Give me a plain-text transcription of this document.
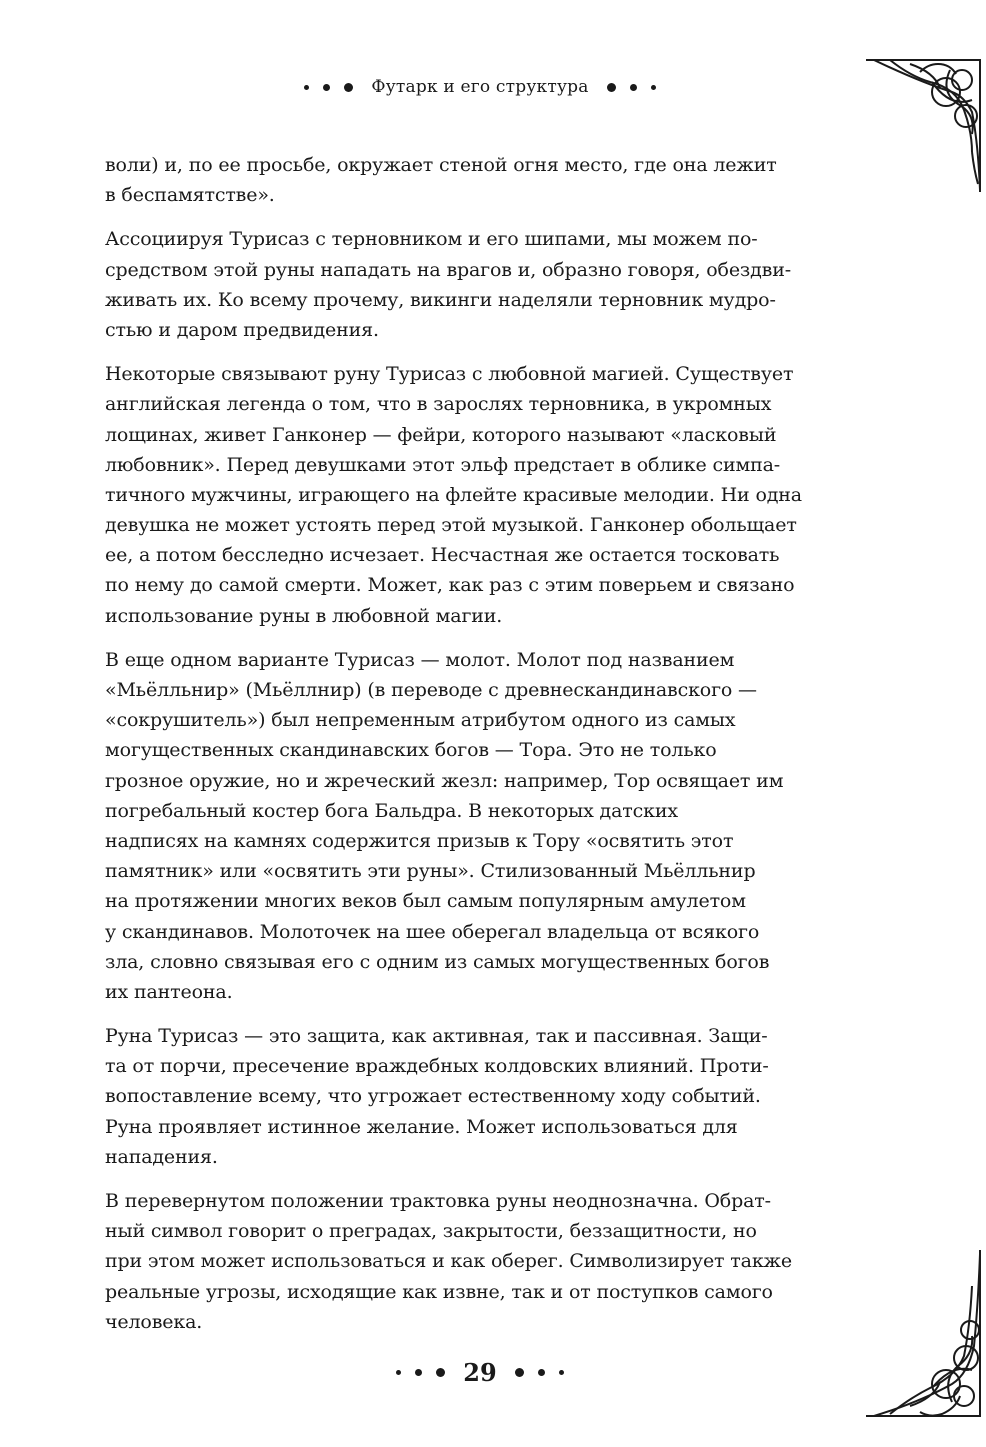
Футарк и его структура

воли) и, по ее просьбе, окружает стеной огня место, где она лежит
в беспамятстве».

Ассоциируя Турисаз с терновником и его шипами, мы можем по-
средством этой руны нападать на врагов и, образно говоря, обездви-
живать их. Ко всему прочему, викинги наделяли терновник мудро-
стью и даром предвидения.

Некоторые связывают руну Турисаз с любовной магией. Существует
английская легенда о том, что в зарослях терновника, в укромных
лощинах, живет Ганконер — фейри, которого называют «ласковый
любовник». Перед девушками этот эльф предстает в облике симпа-
тичного мужчины, играющего на флейте красивые мелодии. Ни одна
девушка не может устоять перед этой музыкой. Ганконер обольщает
ее, а потом бесследно исчезает. Несчастная же остается тосковать
по нему до самой смерти. Может, как раз с этим поверьем и связано
использование руны в любовной магии.

В еще одном варианте Турисаз — молот. Молот под названием
«Мьёлльнир» (Мьёллнир) (в переводе с древнескандинавского —
«сокрушитель») был непременным атрибутом одного из самых
могущественных скандинавских богов — Тора. Это не только
грозное оружие, но и жреческий жезл: например, Тор освящает им
погребальный костер бога Бальдра. В некоторых датских
надписях на камнях содержится призыв к Тору «освятить этот
памятник» или «освятить эти руны». Стилизованный Мьёлльнир
на протяжении многих веков был самым популярным амулетом
у скандинавов. Молоточек на шее оберегал владельца от всякого
зла, словно связывая его с одним из самых могущественных богов
их пантеона.

Руна Турисаз — это защита, как активная, так и пассивная. Защи-
та от порчи, пресечение враждебных колдовских влияний. Проти-
вопоставление всему, что угрожает естественному ходу событий.
Руна проявляет истинное желание. Может использоваться для
нападения.

В перевернутом положении трактовка руны неоднозначна. Обрат-
ный символ говорит о преградах, закрытости, беззащитности, но
при этом может использоваться и как оберег. Символизирует также
реальные угрозы, исходящие как извне, так и от поступков самого
человека.

29
